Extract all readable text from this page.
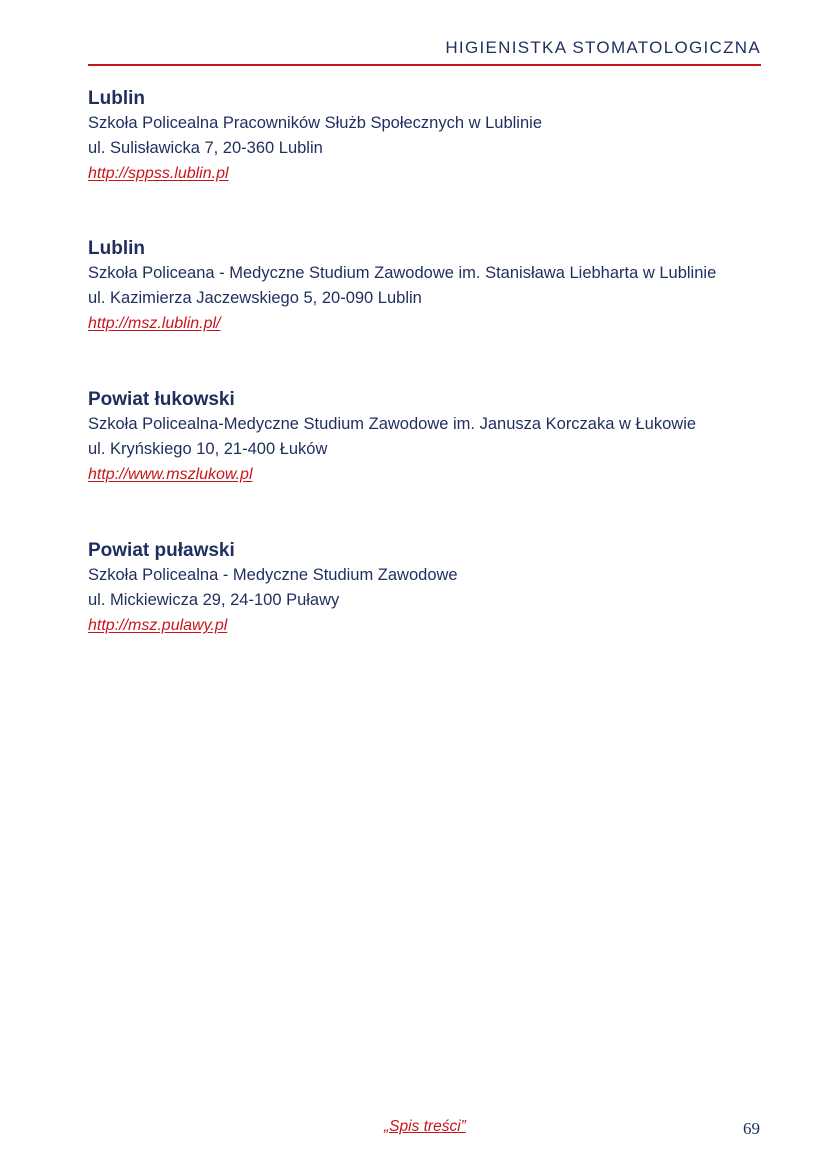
HIGIENISTKA STOMATOLOGICZNA
Lublin
Szkoła Policealna Pracowników Służb Społecznych w Lublinie
ul. Sulisławicka 7, 20-360 Lublin
http://sppss.lublin.pl
Lublin
Szkoła Policeana - Medyczne Studium Zawodowe im. Stanisława Liebharta w Lublinie
ul. Kazimierza Jaczewskiego 5, 20-090 Lublin
http://msz.lublin.pl/
Powiat łukowski
Szkoła Policealna-Medyczne Studium Zawodowe im. Janusza Korczaka w Łukowie
ul. Kryńskiego 10, 21-400 Łuków
http://www.mszlukow.pl
Powiat puławski
Szkoła Policealna - Medyczne Studium Zawodowe
ul. Mickiewicza 29, 24-100 Puławy
http://msz.pulawy.pl
„Spis treści”	69
